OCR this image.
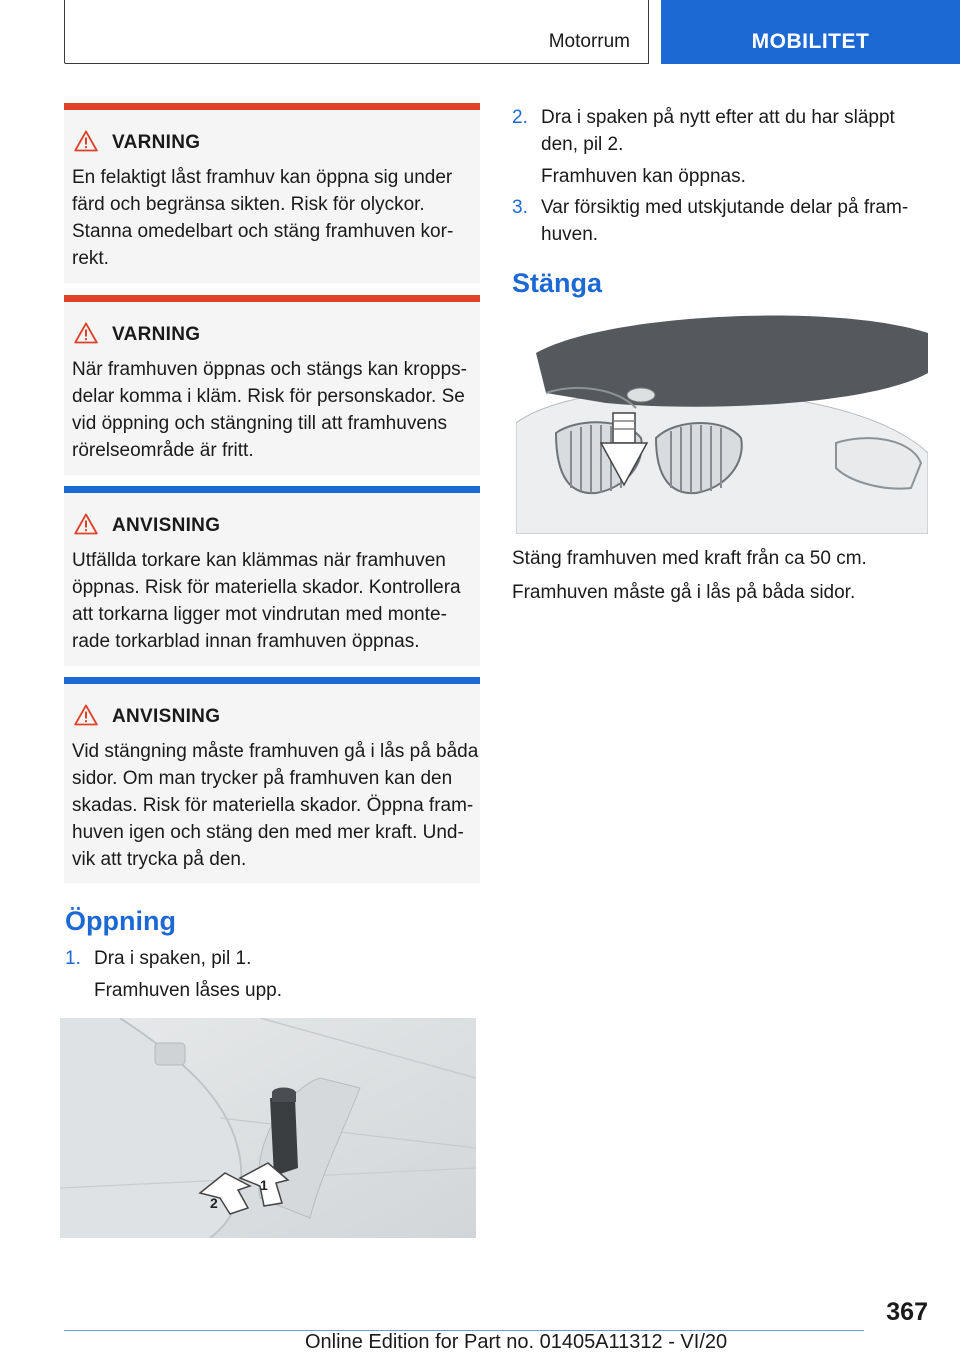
Motorrum	MOBILITET
VARNING
En felaktigt låst framhuv kan öppna sig under
färd och begränsa sikten. Risk för olyckor.
Stanna omedelbart och stäng framhuven kor-
rekt.
VARNING
När framhuven öppnas och stängs kan kropps-
delar komma i kläm. Risk för personskador. Se
vid öppning och stängning till att framhuvens
rörelseområde är fritt.
ANVISNING
Utfällda torkare kan klämmas när framhuven
öppnas. Risk för materiella skador. Kontrollera
att torkarna ligger mot vindrutan med monte-
rade torkarblad innan framhuven öppnas.
ANVISNING
Vid stängning måste framhuven gå i lås på båda
sidor. Om man trycker på framhuven kan den
skadas. Risk för materiella skador. Öppna fram-
huven igen och stäng den med mer kraft. Und-
vik att trycka på den.
Öppning
1. Dra i spaken, pil 1.
Framhuven låses upp.
2
1
2. Dra i spaken på nytt efter att du har släppt
den, pil 2.
Framhuven kan öppnas.
3. Var försiktig med utskjutande delar på fram-
huven.
Stänga
Stäng framhuven med kraft från ca 50 cm.
Framhuven måste gå i lås på båda sidor.
367
Online Edition for Part no. 01405A11312 - VI/20
